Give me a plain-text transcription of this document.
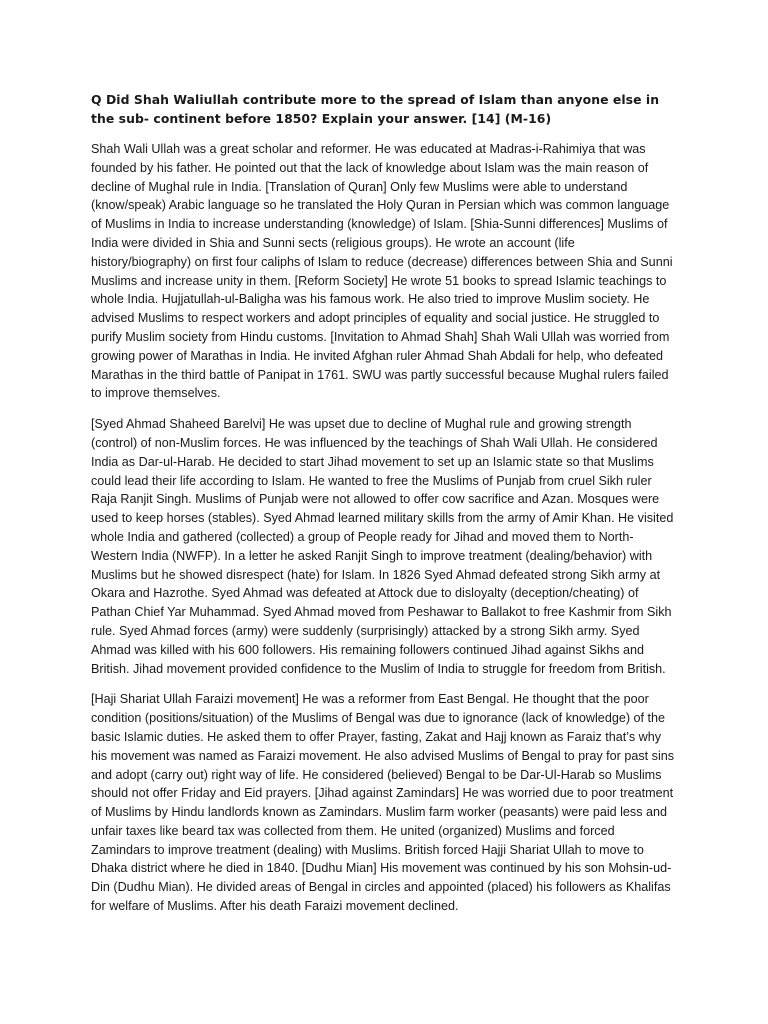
Q Did Shah Waliullah contribute more to the spread of Islam than anyone else in the sub- continent before 1850? Explain your answer. [14] (M-16)

Shah Wali Ullah was a great scholar and reformer. He was educated at Madras-i-Rahimiya that was founded by his father. He pointed out that the lack of knowledge about Islam was the main reason of decline of Mughal rule in India. [Translation of Quran] Only few Muslims were able to understand (know/speak) Arabic language so he translated the Holy Quran in Persian which was common language of Muslims in India to increase understanding (knowledge) of Islam. [Shia-Sunni differences] Muslims of India were divided in Shia and Sunni sects (religious groups). He wrote an account (life history/biography) on first four caliphs of Islam to reduce (decrease) differences between Shia and Sunni Muslims and increase unity in them. [Reform Society] He wrote 51 books to spread Islamic teachings to whole India. Hujjatullah-ul-Baligha was his famous work. He also tried to improve Muslim society. He advised Muslims to respect workers and adopt principles of equality and social justice. He struggled to purify Muslim society from Hindu customs. [Invitation to Ahmad Shah] Shah Wali Ullah was worried from growing power of Marathas in India. He invited Afghan ruler Ahmad Shah Abdali for help, who defeated Marathas in the third battle of Panipat in 1761. SWU was partly successful because Mughal rulers failed to improve themselves.

[Syed Ahmad Shaheed Barelvi] He was upset due to decline of Mughal rule and growing strength (control) of non-Muslim forces. He was influenced by the teachings of Shah Wali Ullah. He considered India as Dar-ul-Harab. He decided to start Jihad movement to set up an Islamic state so that Muslims could lead their life according to Islam. He wanted to free the Muslims of Punjab from cruel Sikh ruler Raja Ranjit Singh. Muslims of Punjab were not allowed to offer cow sacrifice and Azan. Mosques were used to keep horses (stables). Syed Ahmad learned military skills from the army of Amir Khan. He visited whole India and gathered (collected) a group of People ready for Jihad and moved them to North-Western India (NWFP). In a letter he asked Ranjit Singh to improve treatment (dealing/behavior) with Muslims but he showed disrespect (hate) for Islam. In 1826 Syed Ahmad defeated strong Sikh army at Okara and Hazrothe. Syed Ahmad was defeated at Attock due to disloyalty (deception/cheating) of Pathan Chief Yar Muhammad. Syed Ahmad moved from Peshawar to Ballakot to free Kashmir from Sikh rule. Syed Ahmad forces (army) were suddenly (surprisingly) attacked by a strong Sikh army. Syed Ahmad was killed with his 600 followers. His remaining followers continued Jihad against Sikhs and British. Jihad movement provided confidence to the Muslim of India to struggle for freedom from British.

[Haji Shariat Ullah Faraizi movement] He was a reformer from East Bengal. He thought that the poor condition (positions/situation) of the Muslims of Bengal was due to ignorance (lack of knowledge) of the basic Islamic duties. He asked them to offer Prayer, fasting, Zakat and Hajj known as Faraiz that’s why his movement was named as Faraizi movement. He also advised Muslims of Bengal to pray for past sins and adopt (carry out) right way of life. He considered (believed) Bengal to be Dar-Ul-Harab so Muslims should not offer Friday and Eid prayers. [Jihad against Zamindars] He was worried due to poor treatment of Muslims by Hindu landlords known as Zamindars. Muslim farm worker (peasants) were paid less and unfair taxes like beard tax was collected from them. He united (organized) Muslims and forced Zamindars to improve treatment (dealing) with Muslims. British forced Hajji Shariat Ullah to move to Dhaka district where he died in 1840. [Dudhu Mian] His movement was continued by his son Mohsin-ud-Din (Dudhu Mian). He divided areas of Bengal in circles and appointed (placed) his followers as Khalifas for welfare of Muslims. After his death Faraizi movement declined.
